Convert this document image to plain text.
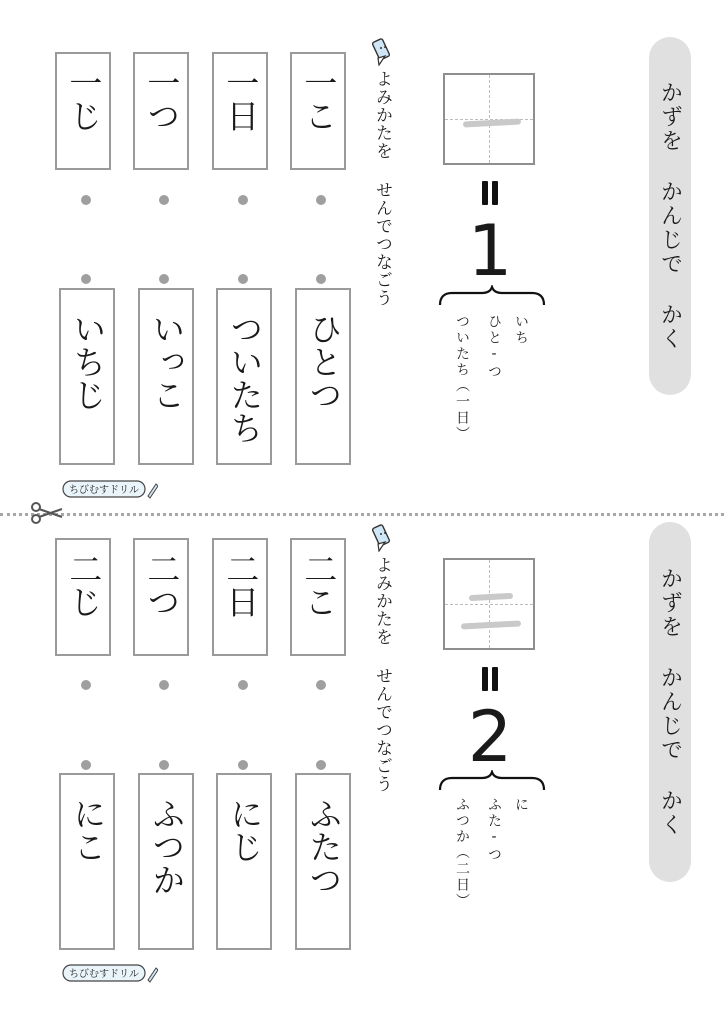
かずを かんじで かく
よみかたを せんでつなごう 1
いち
ひと-つ
ついたち（一日）
一じ 一つ 一日 一こ
いちじ いっこ ついたち ひとつ
ちびむすドリル
かずを かんじで かく
よみかたを せんでつなごう 2
に
ふた-つ
ふつか（二日）
二じ 二つ 二日 二こ
にこ ふつか にじ ふたつ
ちびむすドリル
